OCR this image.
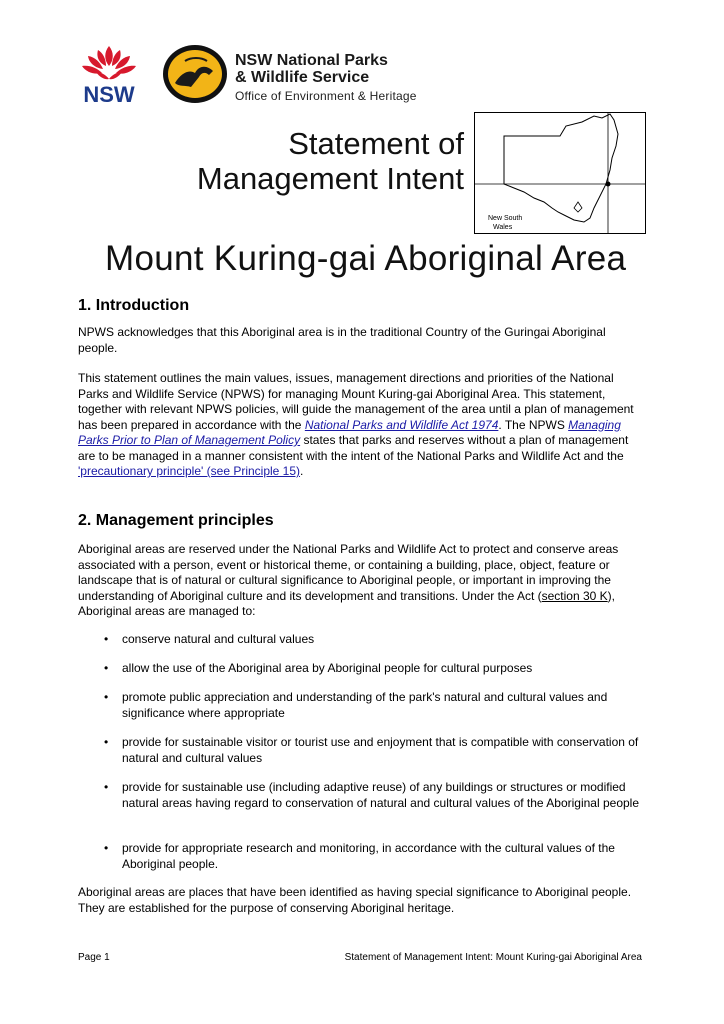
NSW
NSW National Parks
& Wildlife Service
Office of Environment & Heritage
Statement of
Management Intent
New South
Wales
Mount Kuring-gai Aboriginal Area
1. Introduction

NPWS acknowledges that this Aboriginal area is in the traditional Country of the Guringai Aboriginal people.

This statement outlines the main values, issues, management directions and priorities of the National Parks and Wildlife Service (NPWS) for managing Mount Kuring-gai Aboriginal Area. This statement, together with relevant NPWS policies, will guide the management of the area until a plan of management has been prepared in accordance with the National Parks and Wildlife Act 1974. The NPWS Managing Parks Prior to Plan of Management Policy states that parks and reserves without a plan of management are to be managed in a manner consistent with the intent of the National Parks and Wildlife Act and the 'precautionary principle' (see Principle 15).

2. Management principles

Aboriginal areas are reserved under the National Parks and Wildlife Act to protect and conserve areas associated with a person, event or historical theme, or containing a building, place, object, feature or landscape that is of natural or cultural significance to Aboriginal people, or important in improving the understanding of Aboriginal culture and its development and transitions. Under the Act (section 30 K), Aboriginal areas are managed to:

• conserve natural and cultural values
• allow the use of the Aboriginal area by Aboriginal people for cultural purposes
• promote public appreciation and understanding of the park's natural and cultural values and significance where appropriate
• provide for sustainable visitor or tourist use and enjoyment that is compatible with conservation of natural and cultural values
• provide for sustainable use (including adaptive reuse) of any buildings or structures or modified natural areas having regard to conservation of natural and cultural values of the Aboriginal people
• provide for appropriate research and monitoring, in accordance with the cultural values of the Aboriginal people.

Aboriginal areas are places that have been identified as having special significance to Aboriginal people. They are established for the purpose of conserving Aboriginal heritage.

Page 1	Statement of Management Intent: Mount Kuring-gai Aboriginal Area
